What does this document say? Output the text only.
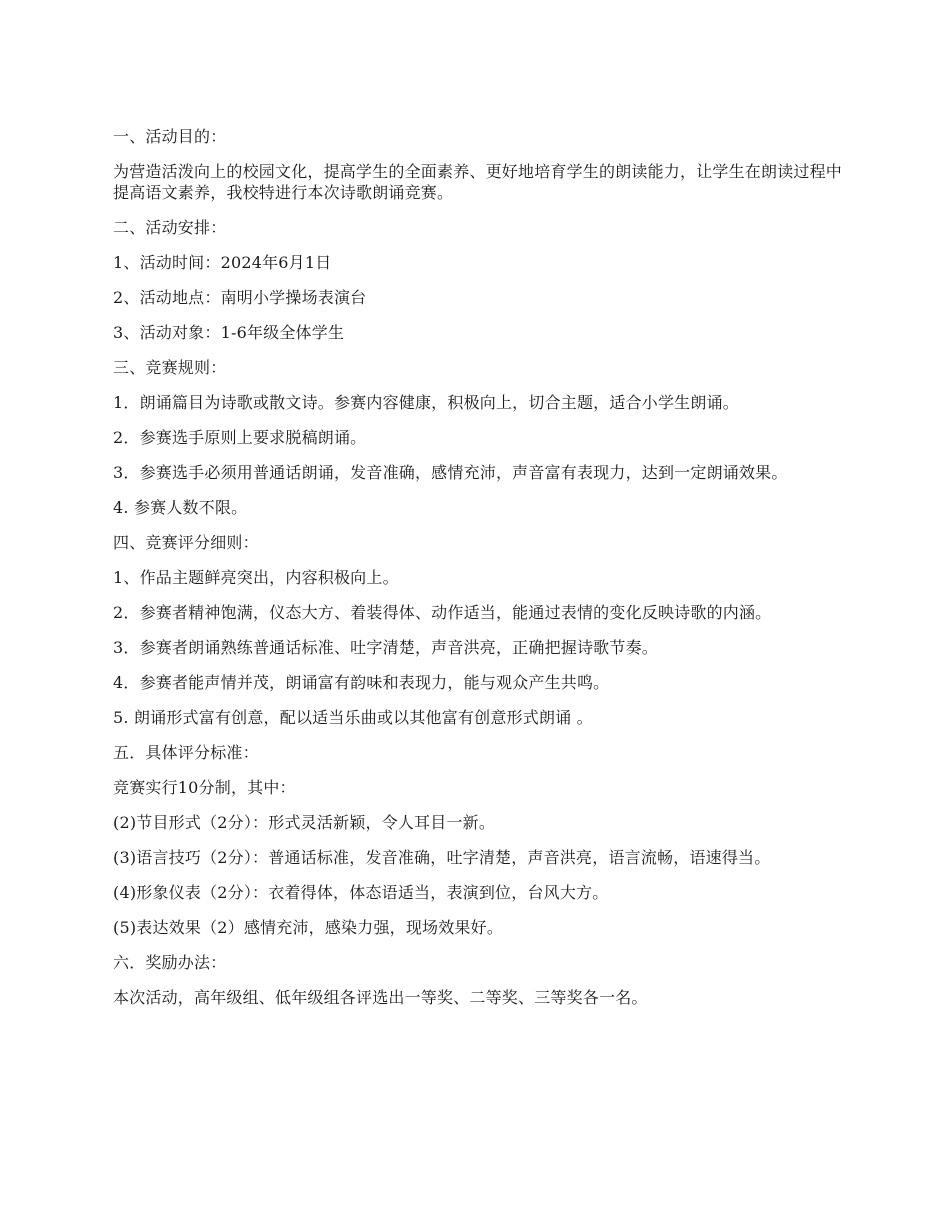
一、活动目的：

为营造活泼向上的校园文化，提高学生的全面素养、更好地培育学生的朗读能力，让学生在朗读过程中提高语文素养，我校特进行本次诗歌朗诵竞赛。

二、活动安排：

1、活动时间：2024年6月1日

2、活动地点：南明小学操场表演台

3、活动对象：1-6年级全体学生

三、竞赛规则：

1．朗诵篇目为诗歌或散文诗。参赛内容健康，积极向上，切合主题，适合小学生朗诵。

2．参赛选手原则上要求脱稿朗诵。

3．参赛选手必须用普通话朗诵，发音准确，感情充沛，声音富有表现力，达到一定朗诵效果。

4. 参赛人数不限。

四、竞赛评分细则：

1、作品主题鲜亮突出，内容积极向上。

2．参赛者精神饱满，仪态大方、着装得体、动作适当，能通过表情的变化反映诗歌的内涵。

3．参赛者朗诵熟练普通话标准、吐字清楚，声音洪亮，正确把握诗歌节奏。

4．参赛者能声情并茂，朗诵富有韵味和表现力，能与观众产生共鸣。

5. 朗诵形式富有创意，配以适当乐曲或以其他富有创意形式朗诵 。

五．具体评分标准：

竞赛实行10分制，其中：

(2)节目形式（2分）：形式灵活新颖，令人耳目一新。

(3)语言技巧（2分）：普通话标准，发音准确，吐字清楚，声音洪亮，语言流畅，语速得当。

(4)形象仪表（2分）：衣着得体，体态语适当，表演到位，台风大方。

(5)表达效果（2）感情充沛，感染力强，现场效果好。

六．奖励办法：

本次活动，高年级组、低年级组各评选出一等奖、二等奖、三等奖各一名。
